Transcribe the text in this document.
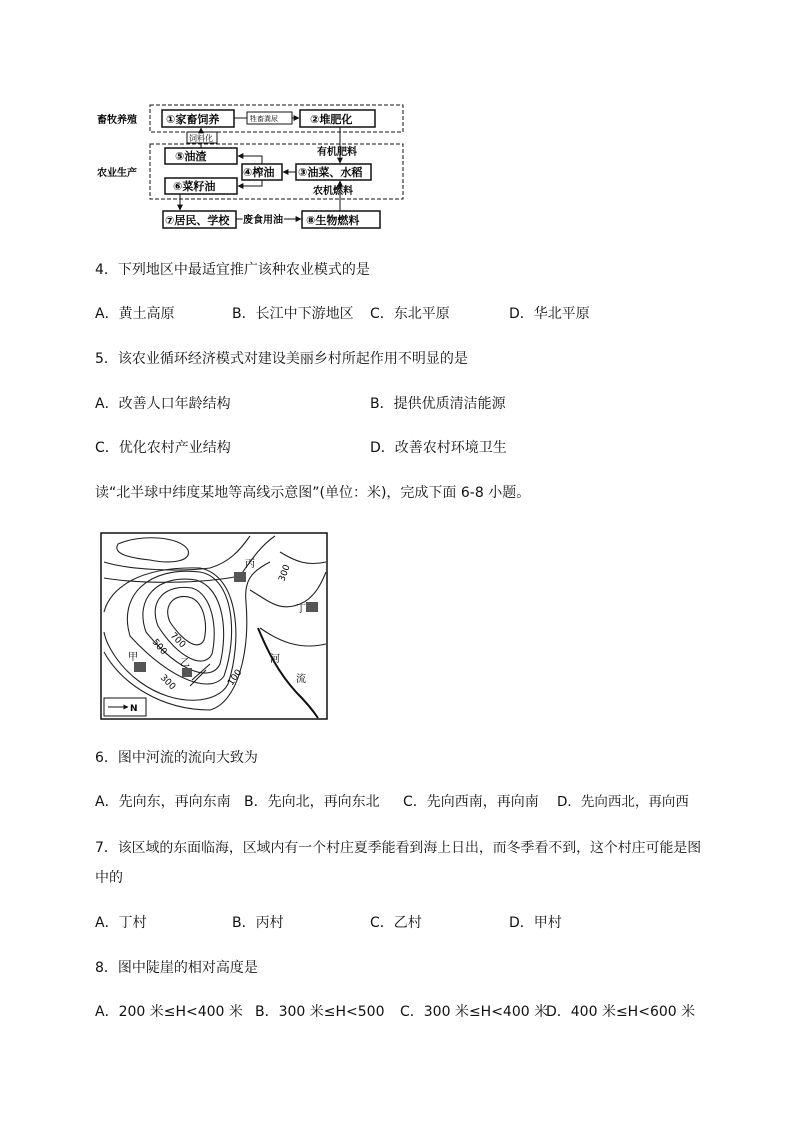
畜牧养殖
农业生产
①家畜饲养	②堆肥化
牲畜粪尿
⑤油渣
④榨油 ③油菜、水稻
⑥菜籽油
⑦居民、学校	⑧生物燃料
饲料化
有机肥料
废食用油
农机燃料
4．下列地区中最适宜推广该种农业模式的是
A．黄土高原	B．长江中下游地区 C．东北平原	D．华北平原
5．该农业循环经济模式对建设美丽乡村所起作用不明显的是
A．改善人口年龄结构	B．提供优质清洁能源
C．优化农村产业结构	D．改善农村环境卫生
读“北半球中纬度某地等高线示意图”(单位：米)，完成下面 6-8 小题。
甲
乙
丙
丁
700
500
300
300
100
河
流
N
6．图中河流的流向大致为
A．先向东，再向东南 B．先向北，再向东北 C．先向西南，再向南 D．先向西北，再向西
7．该区域的东面临海，区域内有一个村庄夏季能看到海上日出，而冬季看不到，这个村庄可能是图
中的
A．丁村	B．丙村	C．乙村	D．甲村
8．图中陡崖的相对高度是
A．200 米≤H<400 米 B．300 米≤H<500 C．300 米≤H<400 米
D．400 米≤H<600 米
